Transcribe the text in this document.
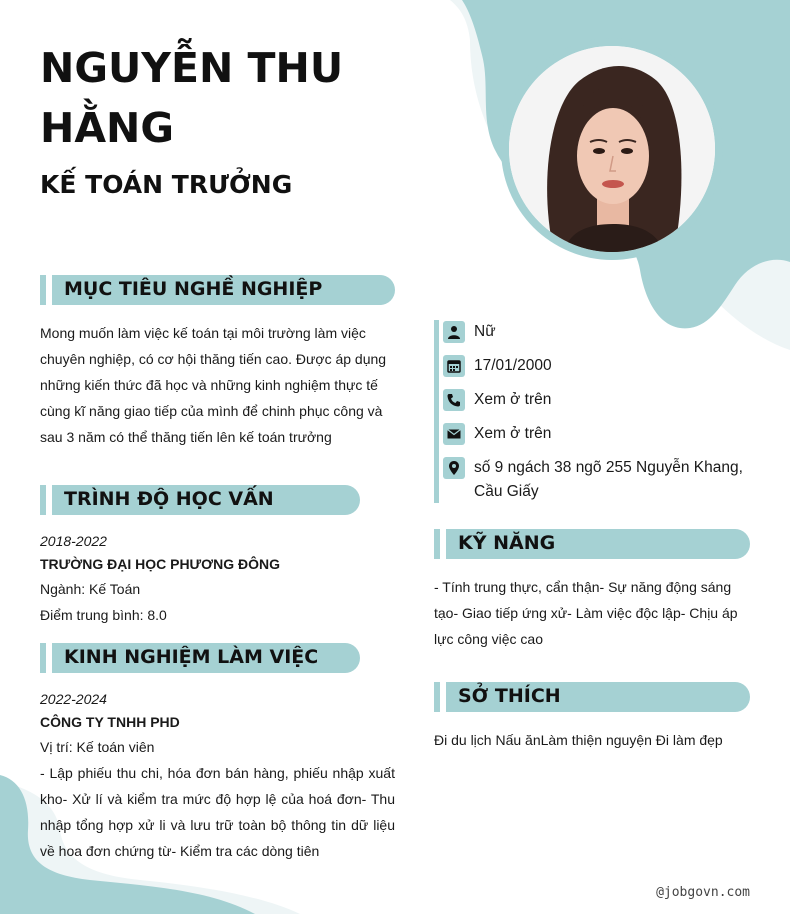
NGUYỄN THU HẰNG
KẾ TOÁN TRƯỞNG
MỤC TIÊU NGHỀ NGHIỆP
Mong muốn làm việc kế toán tại môi trường làm việc chuyên nghiệp, có cơ hội thăng tiến cao. Được áp dụng những kiến thức đã học và những kinh nghiệm thực tế cùng kĩ năng giao tiếp của mình để chinh phục công và sau 3 năm có thể thăng tiến lên kế toán trưởng
TRÌNH ĐỘ HỌC VẤN
2018-2022
TRƯỜNG ĐẠI HỌC PHƯƠNG ĐÔNG
Ngành: Kế Toán
Điểm trung bình: 8.0
KINH NGHIỆM LÀM VIỆC
2022-2024
CÔNG TY TNHH PHD
Vị trí: Kế toán viên
- Lập phiếu thu chi, hóa đơn bán hàng, phiếu nhập xuất kho- Xử lí và kiểm tra mức độ hợp lệ của hoá đơn- Thu nhập tổng hợp xử li và lưu trữ toàn bộ thông tin dữ liệu về hoa đơn chứng từ- Kiểm tra các dòng tiên
Nữ
17/01/2000
Xem ở trên
Xem ở trên
số 9 ngách 38 ngõ 255 Nguyễn Khang, Cầu Giấy
KỸ NĂNG
- Tính trung thực, cẩn thận- Sự năng động sáng tạo- Giao tiếp ứng xử- Làm việc độc lập- Chịu áp lực công việc cao
SỞ THÍCH
Đi du lịch Nấu ănLàm thiện nguyện Đi làm đẹp
@jobgovn.com
